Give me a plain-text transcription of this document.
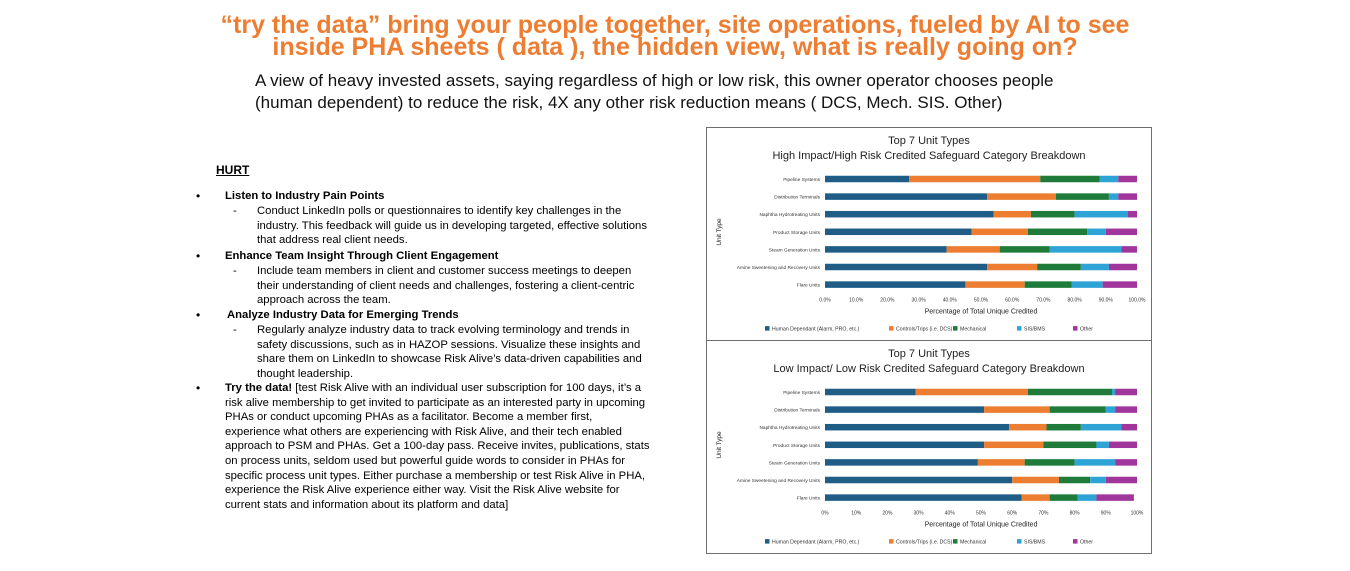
“try the data” bring your people together, site operations, fueled by AI to see
inside PHA sheets ( data ), the hidden view, what is really going on?
A view of heavy invested assets, saying regardless of high or low risk, this owner operator chooses people
(human dependent) to reduce the risk, 4X any other risk reduction means ( DCS, Mech. SIS. Other)
HURT
• Listen to Industry Pain Points
- Conduct LinkedIn polls or questionnaires to identify key challenges in the
industry. This feedback will guide us in developing targeted, effective solutions
that address real client needs.
• Enhance Team Insight Through Client Engagement
- Include team members in client and customer success meetings to deepen
their understanding of client needs and challenges, fostering a client-centric
approach across the team.
• Analyze Industry Data for Emerging Trends
- Regularly analyze industry data to track evolving terminology and trends in
safety discussions, such as in HAZOP sessions. Visualize these insights and
share them on LinkedIn to showcase Risk Alive’s data-driven capabilities and
thought leadership.
• Try the data! [test Risk Alive with an individual user subscription for 100 days, it’s a
risk alive membership to get invited to participate as an interested party in upcoming
PHAs or conduct upcoming PHAs as a facilitator. Become a member first,
experience what others are experiencing with Risk Alive, and their tech enabled
approach to PSM and PHAs. Get a 100-day pass. Receive invites, publications, stats
on process units, seldom used but powerful guide words to consider in PHAs for
specific process unit types. Either purchase a membership or test Risk Alive in PHA,
experience the Risk Alive experience either way. Visit the Risk Alive website for
current stats and information about its platform and data]
Top 7 Unit Types
High Impact/High Risk Credited Safeguard Category Breakdown
Pipeline Systems
Distribution Terminals
Naphtha Hydrotreating Units
Product Storage Units
Steam Generation Units
Amine Sweetening and Recovery Units
Flare Units
0.0%	10.0%	20.0%	30.0%	40.0%	50.0%	60.0%	70.0%	80.0%	90.0%	100.0%
Percentage of Total Unique Credited
Unit Type
Human Dependant (Alarm, PRO, etc.)	Controls/Trips (i.e. DCS) Mechanical	SIS/BMS	Other
Top 7 Unit Types
Low Impact/ Low Risk Credited Safeguard Category Breakdown
Pipeline Systems
Distribution Terminals
Naphtha Hydrotreating Units
Product Storage Units
Steam Generation Units
Amine Sweetening and Recovery Units
Flare Units
0%	10%	20%	30%	40%	50%	60%	70%	80%	90%	100%
Percentage of Total Unique Credited
Unit Type
Human Dependant (Alarm, PRO, etc.)	Controls/Trips (i.e. DCS) Mechanical	SIS/BMS	Other
